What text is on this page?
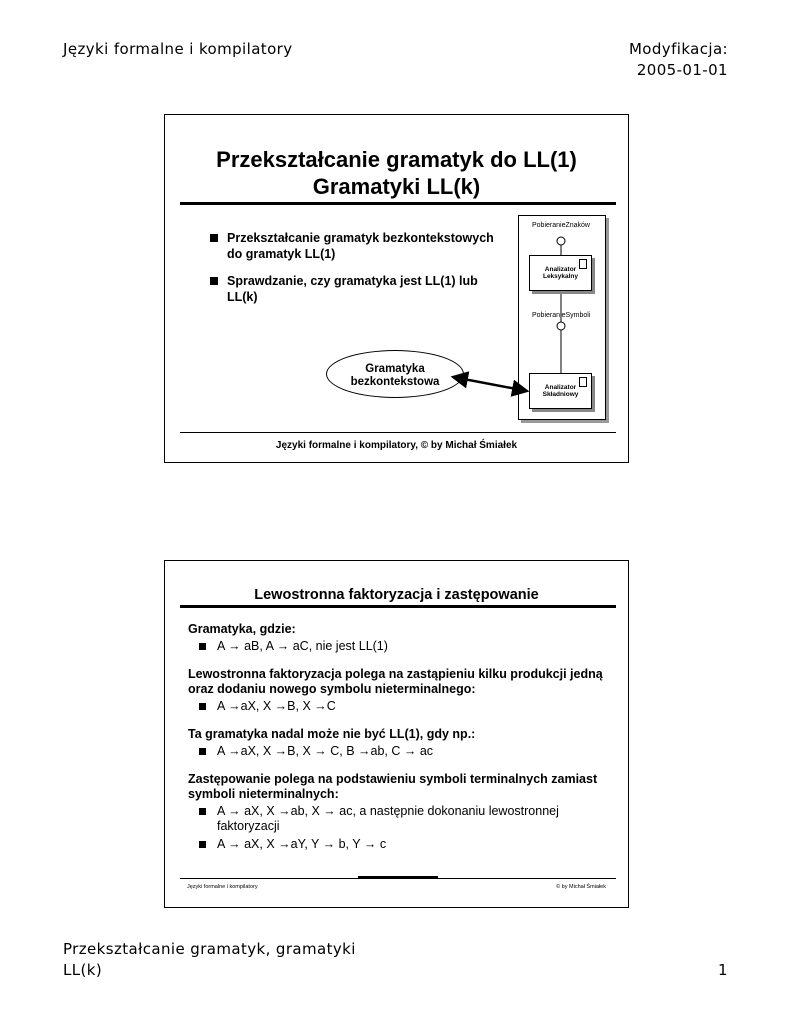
Języki formalne i kompilatory	Modyfikacja:
2005-01-01
Przekształcanie gramatyk do LL(1)
Gramatyki LL(k)
Przekształcanie gramatyk bezkontekstowych do gramatyk LL(1)
Sprawdzanie, czy gramatyka jest LL(1) lub LL(k)
PobieranieZnaków
Analizator Leksykalny
PobieranieSymboli
Analizator Składniowy
Gramatyka bezkontekstowa
Języki formalne i kompilatory, © by Michał Śmiałek
Lewostronna faktoryzacja i zastępowanie
Gramatyka, gdzie:
A → aB, A → aC, nie jest LL(1)
Lewostronna faktoryzacja polega na zastąpieniu kilku produkcji jedną oraz dodaniu nowego symbolu nieterminalnego:
A →aX, X →B, X →C
Ta gramatyka nadal może nie być LL(1), gdy np.:
A →aX, X →B, X → C, B →ab, C → ac
Zastępowanie polega na podstawieniu symboli terminalnych zamiast symboli nieterminalnych:
A → aX, X →ab, X → ac, a następnie dokonaniu lewostronnej faktoryzacji
A → aX, X →aY, Y → b, Y → c
Języki formalne i kompilatory	© by Michał Śmiałek
Przekształcanie gramatyk, gramatyki
LL(k)	1
